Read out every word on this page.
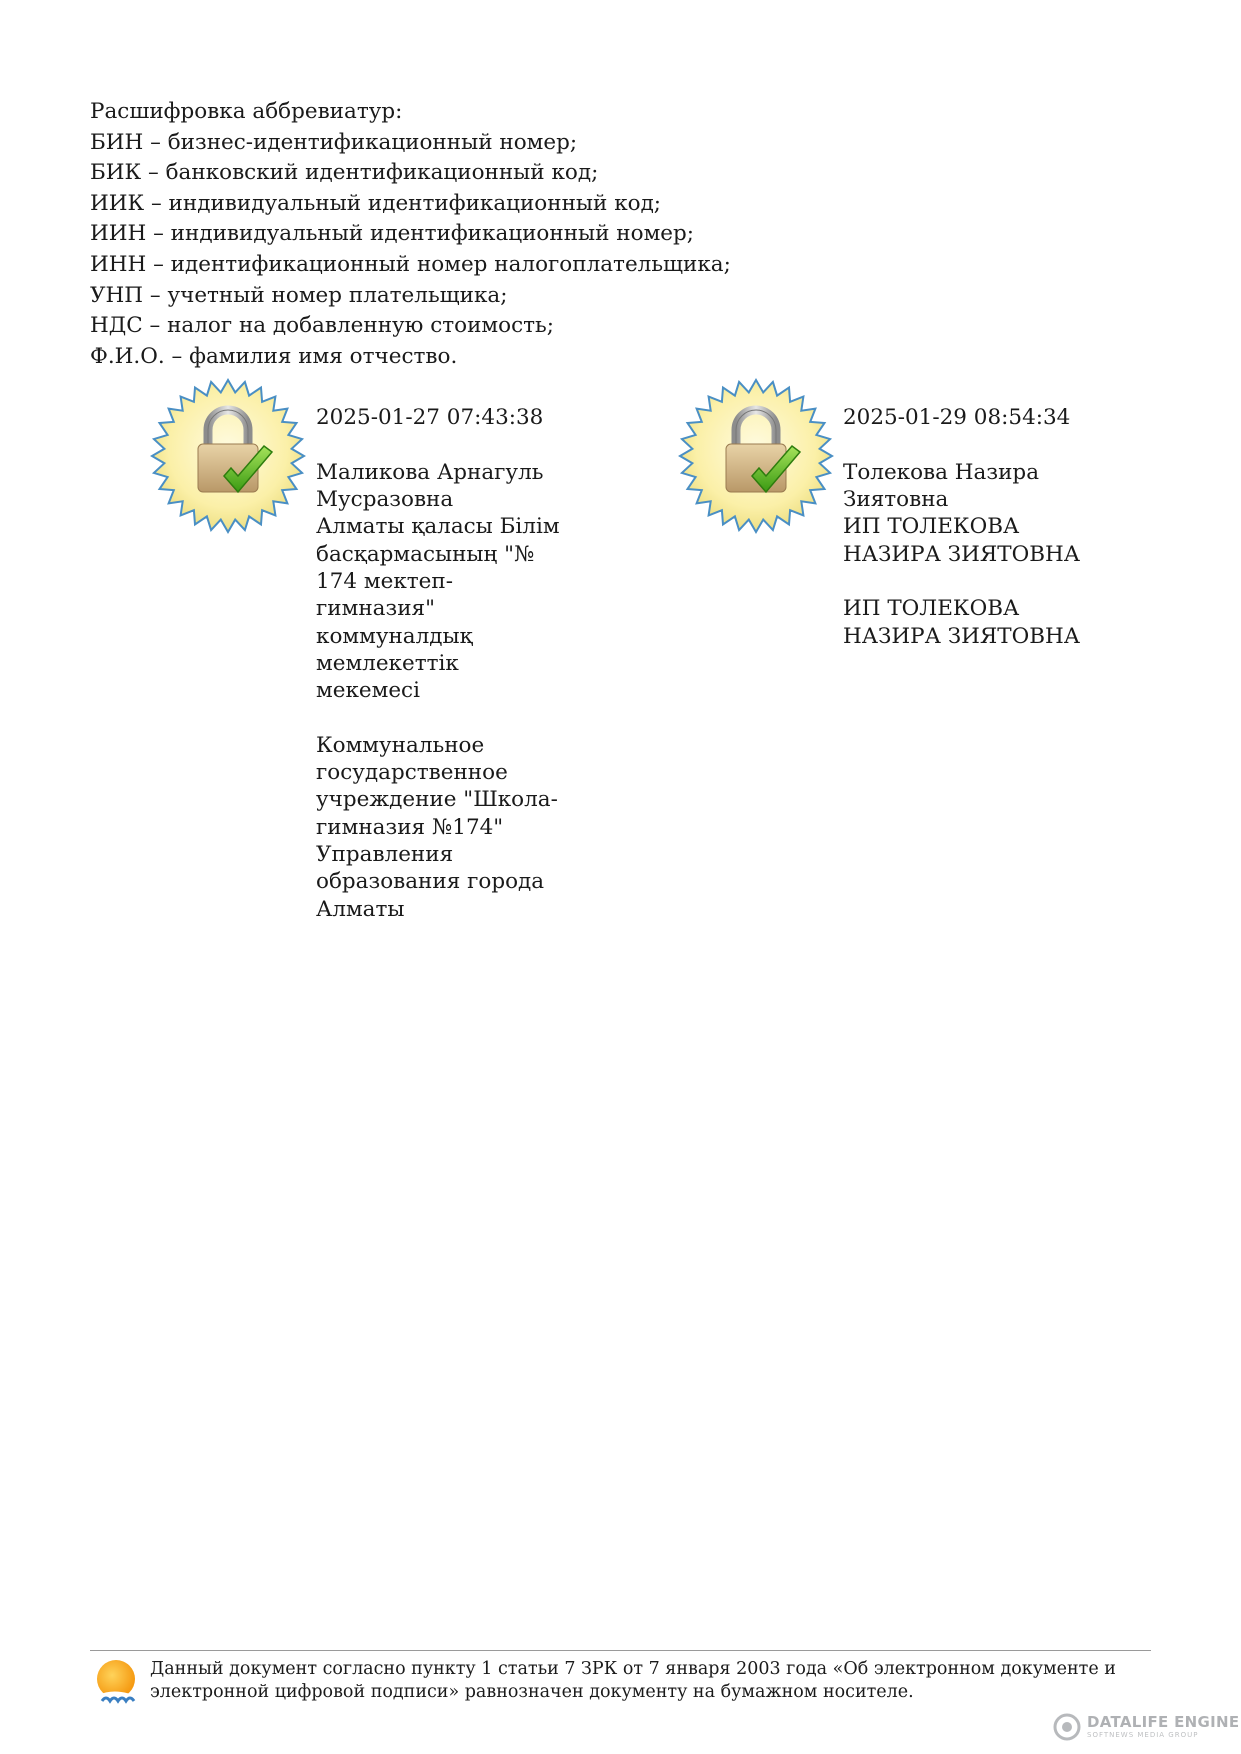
Расшифровка аббревиатур:
БИН – бизнес-идентификационный номер;
БИК – банковский идентификационный код;
ИИК – индивидуальный идентификационный код;
ИИН – индивидуальный идентификационный номер;
ИНН – идентификационный номер налогоплательщика;
УНП – учетный номер плательщика;
НДС – налог на добавленную стоимость;
Ф.И.О. – фамилия имя отчество.

2025-01-27 07:43:38

Маликова Арнагуль
Мусразовна
Алматы қаласы Білім
басқармасының "№
174 мектеп-
гимназия"
коммуналдық
мемлекеттік
мекемесі

Коммунальное
государственное
учреждение "Школа-
гимназия №174"
Управления
образования города
Алматы

2025-01-29 08:54:34

Толекова Назира
Зиятовна
ИП ТОЛЕКОВА
НАЗИРА ЗИЯТОВНА

ИП ТОЛЕКОВА
НАЗИРА ЗИЯТОВНА

Данный документ согласно пункту 1 статьи 7 ЗРК от 7 января 2003 года «Об электронном документе и электронной цифровой подписи» равнозначен документу на бумажном носителе.
DATALIFE ENGINE
SOFTNEWS MEDIA GROUP
